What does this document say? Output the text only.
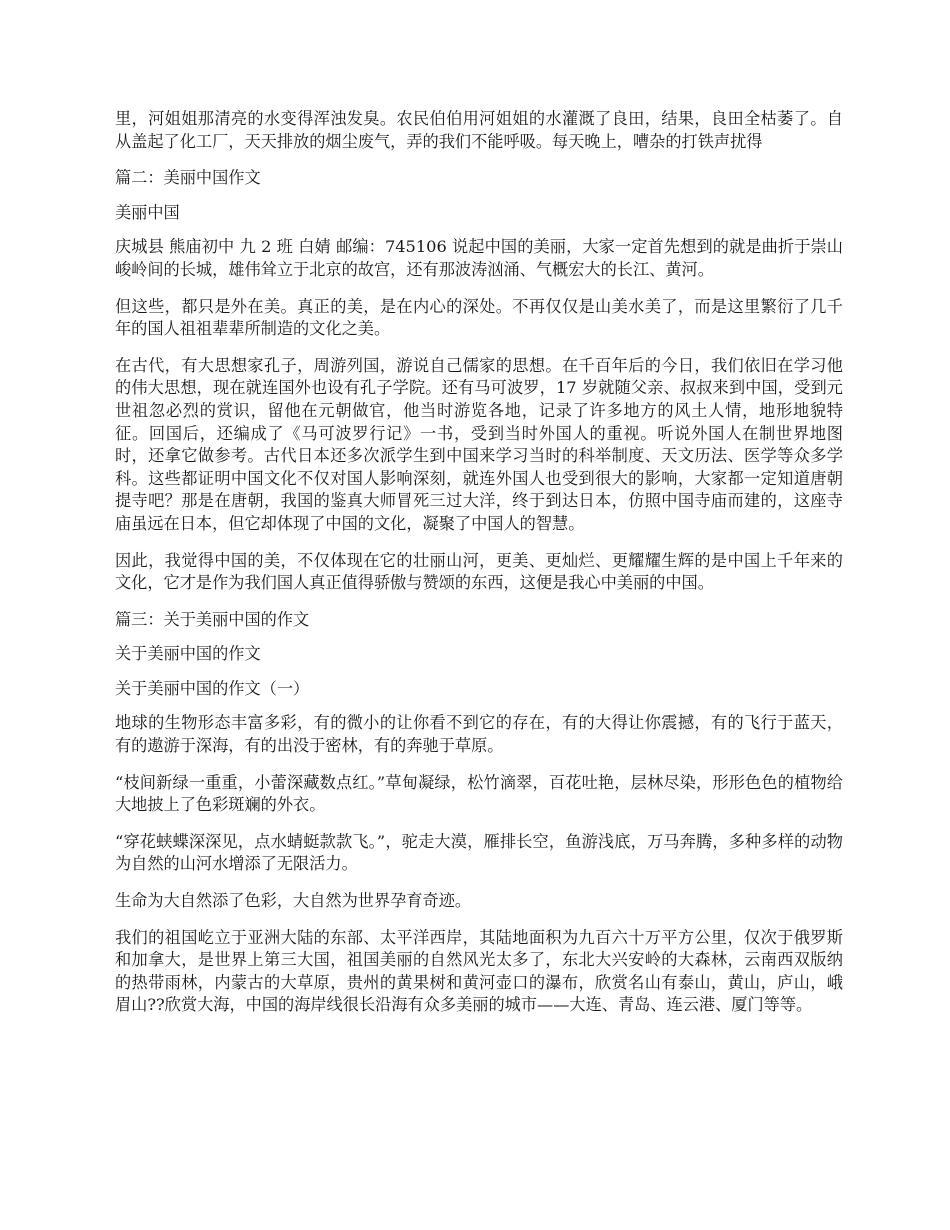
里，河姐姐那清亮的水变得浑浊发臭。农民伯伯用河姐姐的水灌溉了良田，结果，良田全枯萎了。自从盖起了化工厂，天天排放的烟尘废气，弄的我们不能呼吸。每天晚上，嘈杂的打铁声扰得

篇二：美丽中国作文

美丽中国

庆城县 熊庙初中 九 2 班 白婧 邮编：745106 说起中国的美丽，大家一定首先想到的就是曲折于崇山峻岭间的长城，雄伟耸立于北京的故宫，还有那波涛汹涌、气概宏大的长江、黄河。

但这些，都只是外在美。真正的美，是在内心的深处。不再仅仅是山美水美了，而是这里繁衍了几千年的国人祖祖辈辈所制造的文化之美。

在古代，有大思想家孔子，周游列国，游说自己儒家的思想。在千百年后的今日，我们依旧在学习他的伟大思想，现在就连国外也设有孔子学院。还有马可波罗，17 岁就随父亲、叔叔来到中国，受到元世祖忽必烈的赏识，留他在元朝做官，他当时游览各地，记录了许多地方的风土人情，地形地貌特征。回国后，还编成了《马可波罗行记》一书，受到当时外国人的重视。听说外国人在制世界地图时，还拿它做参考。古代日本还多次派学生到中国来学习当时的科举制度、天文历法、医学等众多学科。这些都证明中国文化不仅对国人影响深刻，就连外国人也受到很大的影响，大家都一定知道唐朝提寺吧？那是在唐朝，我国的鉴真大师冒死三过大洋，终于到达日本，仿照中国寺庙而建的，这座寺庙虽远在日本，但它却体现了中国的文化，凝聚了中国人的智慧。

因此，我觉得中国的美，不仅体现在它的壮丽山河，更美、更灿烂、更耀耀生辉的是中国上千年来的文化，它才是作为我们国人真正值得骄傲与赞颂的东西，这便是我心中美丽的中国。

篇三：关于美丽中国的作文

关于美丽中国的作文

关于美丽中国的作文（一）

地球的生物形态丰富多彩，有的微小的让你看不到它的存在，有的大得让你震撼，有的飞行于蓝天，有的遨游于深海，有的出没于密林，有的奔驰于草原。

“枝间新绿一重重，小蕾深藏数点红。”草甸凝绿，松竹滴翠，百花吐艳，层林尽染，形形色色的植物给大地披上了色彩斑斓的外衣。

“穿花蛱蝶深深见，点水蜻蜓款款飞。”，驼走大漠，雁排长空，鱼游浅底，万马奔腾，多种多样的动物为自然的山河水增添了无限活力。

生命为大自然添了色彩，大自然为世界孕育奇迹。

我们的祖国屹立于亚洲大陆的东部、太平洋西岸，其陆地面积为九百六十万平方公里，仅次于俄罗斯和加拿大，是世界上第三大国，祖国美丽的自然风光太多了，东北大兴安岭的大森林，云南西双版纳的热带雨林，内蒙古的大草原，贵州的黄果树和黄河壶口的瀑布，欣赏名山有泰山，黄山，庐山，峨眉山??欣赏大海，中国的海岸线很长沿海有众多美丽的城市——大连、青岛、连云港、厦门等等。
